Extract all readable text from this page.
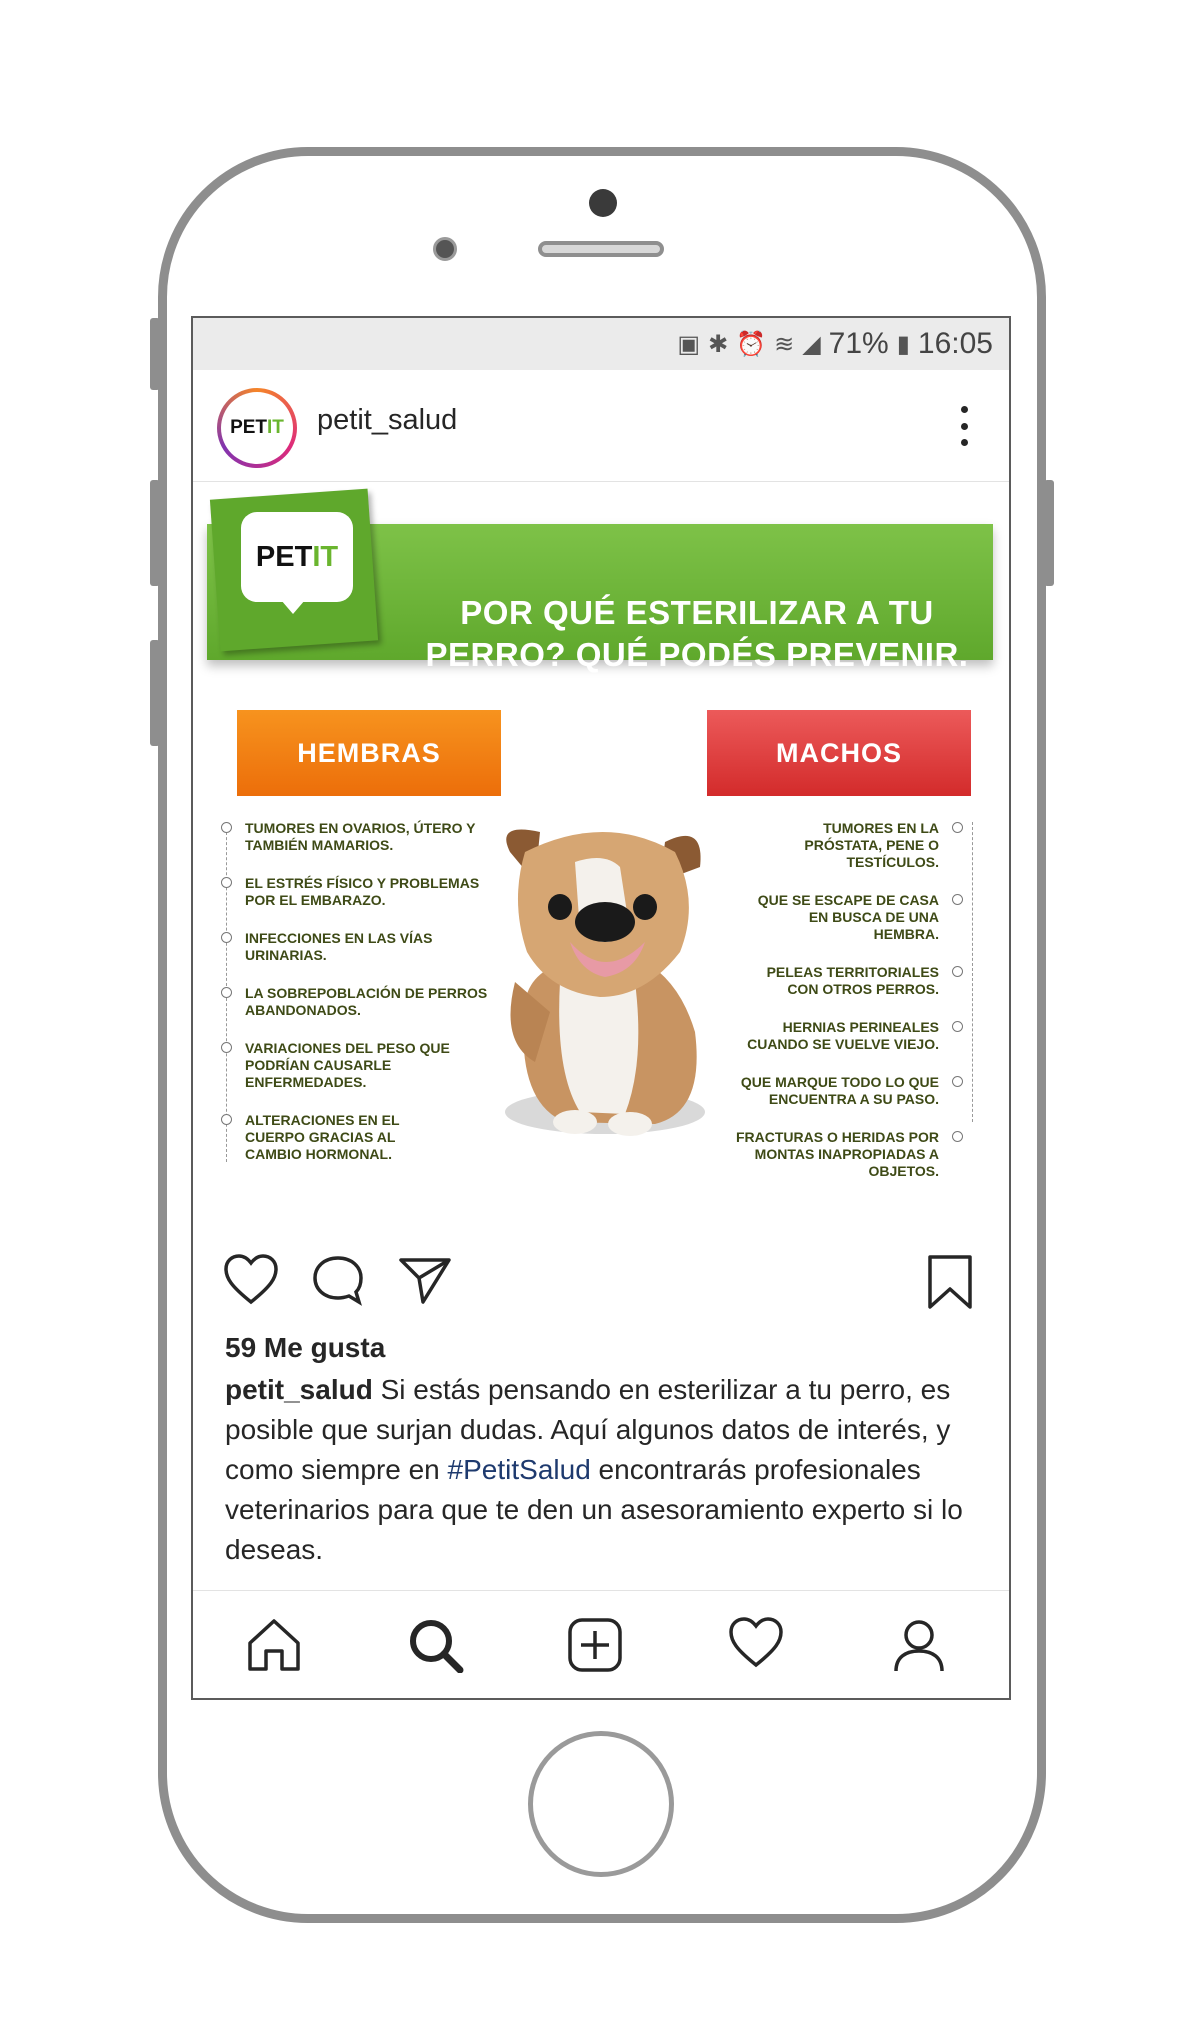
▣ ✱ ⏰ ≋ ◢ 71% ▮ 16:05
PET IT petit_salud
POR QUÉ ESTERILIZAR A TU
PERRO? QUÉ PODÉS PREVENIR.
PET IT
HEMBRAS	MACHOS
TUMORES EN OVARIOS, ÚTERO Y TAMBIÉN MAMARIOS.
EL ESTRÉS FÍSICO Y PROBLEMAS POR EL EMBARAZO.
INFECCIONES EN LAS VÍAS URINARIAS.
LA SOBREPOBLACIÓN DE PERROS ABANDONADOS.
VARIACIONES DEL PESO QUE PODRÍAN CAUSARLE ENFERMEDADES.
ALTERACIONES EN EL CUERPO GRACIAS AL CAMBIO HORMONAL.
TUMORES EN LA PRÓSTATA, PENE O TESTÍCULOS.
QUE SE ESCAPE DE CASA EN BUSCA DE UNA HEMBRA.
PELEAS TERRITORIALES CON OTROS PERROS.
HERNIAS PERINEALES CUANDO SE VUELVE VIEJO.
QUE MARQUE TODO LO QUE ENCUENTRA A SU PASO.
FRACTURAS O HERIDAS POR MONTAS INAPROPIADAS A OBJETOS.
59 Me gusta
petit_salud Si estás pensando en esterilizar a tu perro, es posible que surjan dudas. Aquí algunos datos de interés, y como siempre en #PetitSalud encontrarás profesionales veterinarios para que te den un asesoramiento experto si lo deseas.
